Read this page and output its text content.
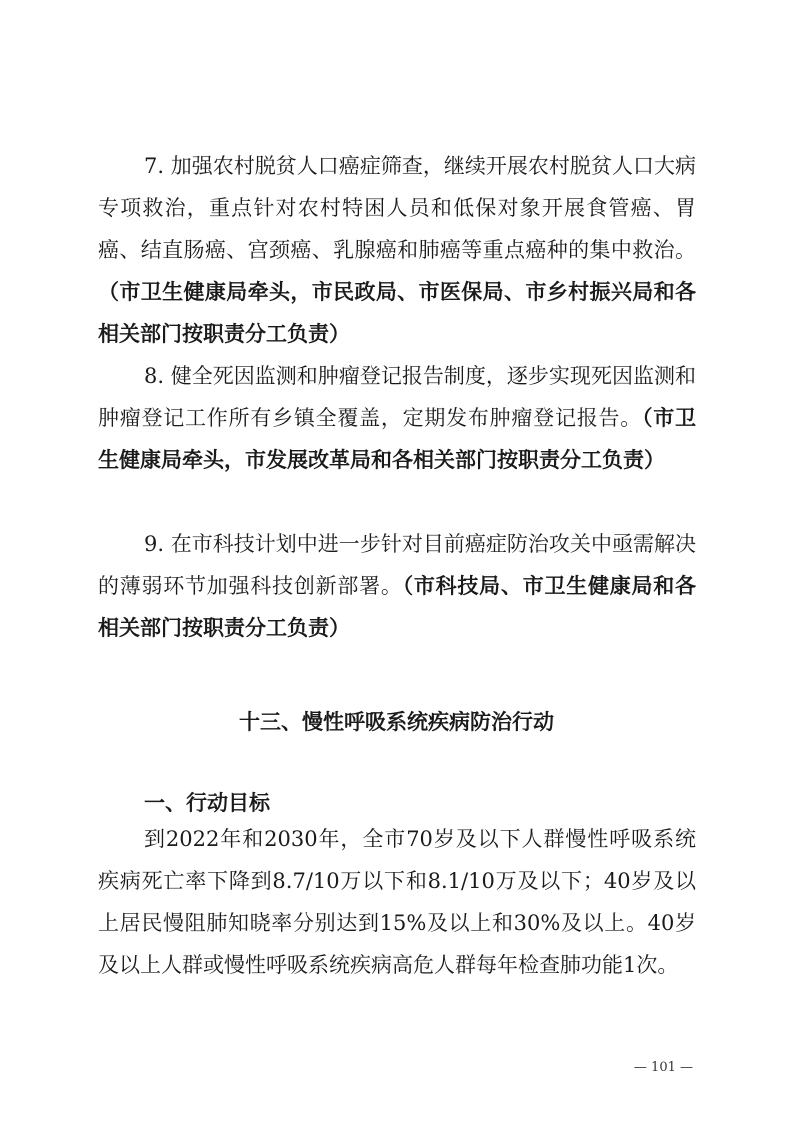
7. 加强农村脱贫人口癌症筛查，继续开展农村脱贫人口大病专项救治，重点针对农村特困人员和低保对象开展食管癌、胃癌、结直肠癌、宫颈癌、乳腺癌和肺癌等重点癌种的集中救治。（市卫生健康局牵头，市民政局、市医保局、市乡村振兴局和各相关部门按职责分工负责）

8. 健全死因监测和肿瘤登记报告制度，逐步实现死因监测和肿瘤登记工作所有乡镇全覆盖，定期发布肿瘤登记报告。（市卫生健康局牵头，市发展改革局和各相关部门按职责分工负责）

9. 在市科技计划中进一步针对目前癌症防治攻关中亟需解决的薄弱环节加强科技创新部署。（市科技局、市卫生健康局和各相关部门按职责分工负责）

十三、慢性呼吸系统疾病防治行动
一、行动目标

到2022年和2030年，全市70岁及以下人群慢性呼吸系统疾病死亡率下降到8.7/10万以下和8.1/10万及以下；40岁及以上居民慢阻肺知晓率分别达到15%及以上和30%及以上。40岁及以上人群或慢性呼吸系统疾病高危人群每年检查肺功能1次。

— 101 —
